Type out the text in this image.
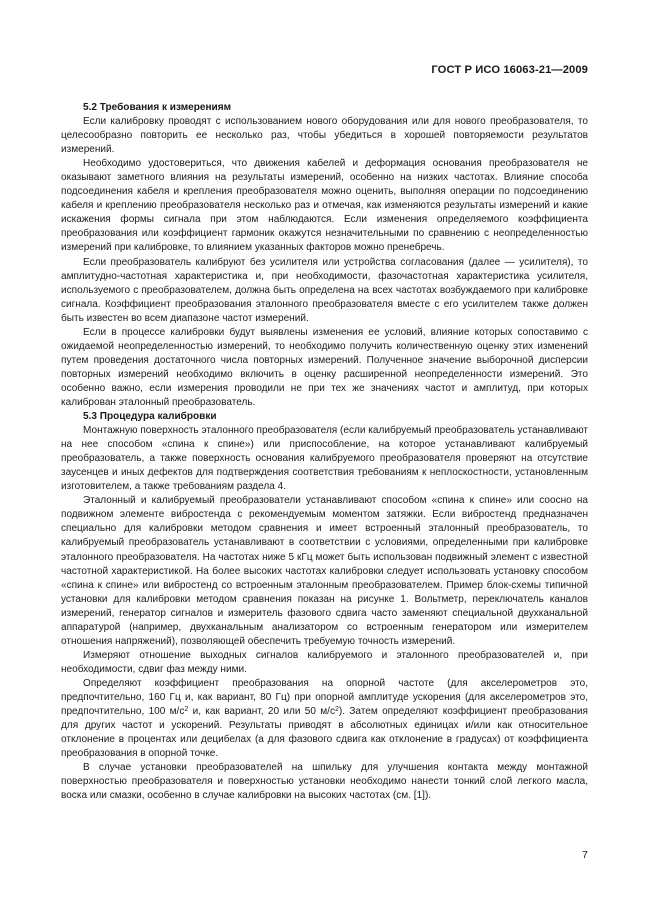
ГОСТ Р ИСО 16063-21—2009
5.2 Требования к измерениям

Если калибровку проводят с использованием нового оборудования или для нового преобразователя, то целесообразно повторить ее несколько раз, чтобы убедиться в хорошей повторяемости результатов измерений.

Необходимо удостовериться, что движения кабелей и деформация основания преобразователя не оказывают заметного влияния на результаты измерений, особенно на низких частотах. Влияние способа подсоединения кабеля и крепления преобразователя можно оценить, выполняя операции по подсоединению кабеля и креплению преобразователя несколько раз и отмечая, как изменяются результаты измерений и какие искажения формы сигнала при этом наблюдаются. Если изменения определяемого коэффициента преобразования или коэффициент гармоник окажутся незначительными по сравнению с неопределенностью измерений при калибровке, то влиянием указанных факторов можно пренебречь.

Если преобразователь калибруют без усилителя или устройства согласования (далее — усилителя), то амплитудно-частотная характеристика и, при необходимости, фазочастотная характеристика усилителя, используемого с преобразователем, должна быть определена на всех частотах возбуждаемого при калибровке сигнала. Коэффициент преобразования эталонного преобразователя вместе с его усилителем также должен быть известен во всем диапазоне частот измерений.

Если в процессе калибровки будут выявлены изменения ее условий, влияние которых сопоставимо с ожидаемой неопределенностью измерений, то необходимо получить количественную оценку этих изменений путем проведения достаточного числа повторных измерений. Полученное значение выборочной дисперсии повторных измерений необходимо включить в оценку расширенной неопределенности измерений. Это особенно важно, если измерения проводили не при тех же значениях частот и амплитуд, при которых калиброван эталонный преобразователь.

5.3 Процедура калибровки

Монтажную поверхность эталонного преобразователя (если калибруемый преобразователь устанавливают на нее способом «спина к спине») или приспособление, на которое устанавливают калибруемый преобразователь, а также поверхность основания калибруемого преобразователя проверяют на отсутствие заусенцев и иных дефектов для подтверждения соответствия требованиям к неплоскостности, установленным изготовителем, а также требованиям раздела 4.

Эталонный и калибруемый преобразователи устанавливают способом «спина к спине» или соосно на подвижном элементе вибростенда с рекомендуемым моментом затяжки. Если вибростенд предназначен специально для калибровки методом сравнения и имеет встроенный эталонный преобразователь, то калибруемый преобразователь устанавливают в соответствии с условиями, определенными при калибровке эталонного преобразователя. На частотах ниже 5 кГц может быть использован подвижный элемент с известной частотной характеристикой. На более высоких частотах калибровки следует использовать установку способом «спина к спине» или вибростенд со встроенным эталонным преобразователем. Пример блок-схемы типичной установки для калибровки методом сравнения показан на рисунке 1. Вольтметр, переключатель каналов измерений, генератор сигналов и измеритель фазового сдвига часто заменяют специальной двухканальной аппаратурой (например, двухканальным анализатором со встроенным генератором или измерителем отношения напряжений), позволяющей обеспечить требуемую точность измерений.

Измеряют отношение выходных сигналов калибруемого и эталонного преобразователей и, при необходимости, сдвиг фаз между ними.

Определяют коэффициент преобразования на опорной частоте (для акселерометров это, предпочтительно, 160 Гц и, как вариант, 80 Гц) при опорной амплитуде ускорения (для акселерометров это, предпочтительно, 100 $м/с^2$ и, как вариант, 20 или 50 $м/с^2$). Затем определяют коэффициент преобразования для других частот и ускорений. Результаты приводят в абсолютных единицах и/или как относительное отклонение в процентах или децибелах (а для фазового сдвига как отклонение в градусах) от коэффициента преобразования в опорной точке.

В случае установки преобразователей на шпильку для улучшения контакта между монтажной поверхностью преобразователя и поверхностью установки необходимо нанести тонкий слой легкого масла, воска или смазки, особенно в случае калибровки на высоких частотах (см. [1]).

7
